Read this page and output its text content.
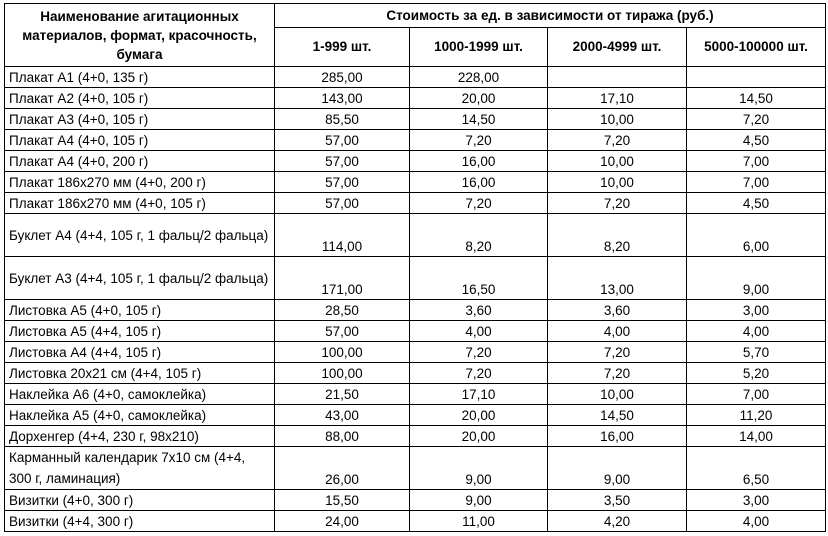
Наименование агитационных материалов, формат, красочность, бумага	Стоимость за ед. в зависимости от тиража (руб.)			
	1-999 шт.	1000-1999 шт.	2000-4999 шт.	5000-100000 шт.
Плакат А1 (4+0, 135 г)	285,00	228,00		
Плакат А2 (4+0, 105 г)	143,00	20,00	17,10	14,50
Плакат А3 (4+0, 105 г)	85,50	14,50	10,00	7,20
Плакат А4 (4+0, 105 г)	57,00	7,20	7,20	4,50
Плакат А4 (4+0, 200 г)	57,00	16,00	10,00	7,00
Плакат 186х270 мм (4+0, 200 г)	57,00	16,00	10,00	7,00
Плакат 186х270 мм (4+0, 105 г)	57,00	7,20	7,20	4,50
Буклет А4 (4+4, 105 г, 1 фальц/2 фальца)	114,00	8,20	8,20	6,00
Буклет А3 (4+4, 105 г, 1 фальц/2 фальца)	171,00	16,50	13,00	9,00
Листовка А5 (4+0, 105 г)	28,50	3,60	3,60	3,00
Листовка А5 (4+4, 105 г)	57,00	4,00	4,00	4,00
Листовка А4 (4+4, 105 г)	100,00	7,20	7,20	5,70
Листовка 20х21 см (4+4, 105 г)	100,00	7,20	7,20	5,20
Наклейка А6 (4+0, самоклейка)	21,50	17,10	10,00	7,00
Наклейка А5 (4+0, самоклейка)	43,00	20,00	14,50	11,20
Дорхенгер (4+4, 230 г, 98х210)	88,00	20,00	16,00	14,00
Карманный календарик 7х10 см (4+4, 300 г, ламинация)	26,00	9,00	9,00	6,50
Визитки (4+0, 300 г)	15,50	9,00	3,50	3,00
Визитки (4+4, 300 г)	24,00	11,00	4,20	4,00
